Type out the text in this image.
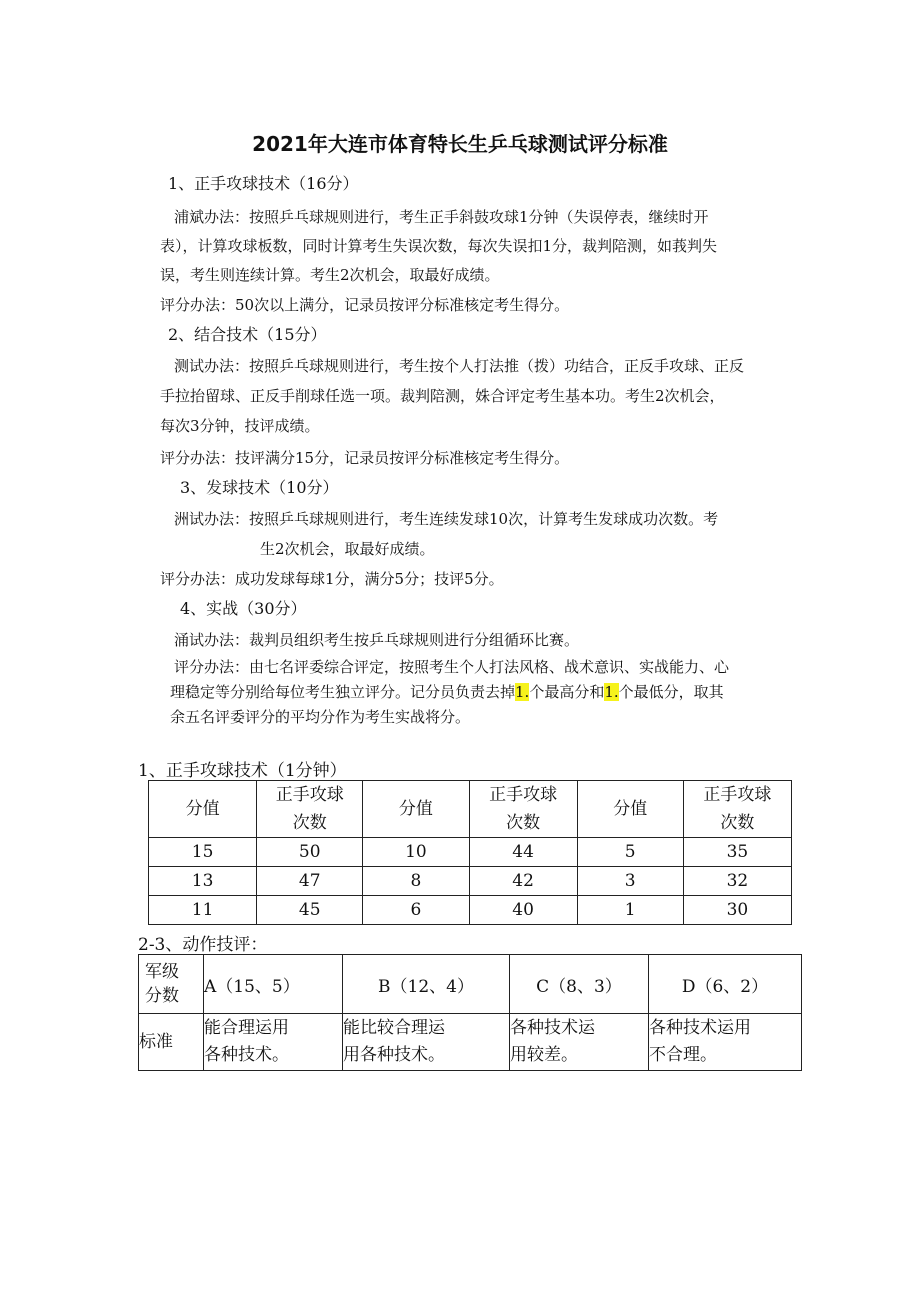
2021年大连市体育特长生乒乓球测试评分标准
1、正手攻球技术（16分）
浦斌办法：按照乒乓球规则进行，考生正手斜鼓攻球1分钟（失误停表，继续时开
表），计算攻球板数，同时计算考生失误次数，每次失误扣1分，裁判陪测，如莪判失
误，考生则连续计算。考生2次机会，取最好成绩。
评分办法：50次以上满分，记录员按评分标准核定考生得分。
2、结合技术（15分）
测试办法：按照乒乓球规则进行，考生按个人打法推（拨）功结合，正反手攻球、正反
手拉抬留球、正反手削球任选一项。裁判陪测，姝合评定考生基本功。考生2次机会，
每次3分钟，技评成绩。
评分办法：技评满分15分，记录员按评分标准核定考生得分。
3、发球技术（10分）
洲试办法：按照乒乓球规则进行，考生连续发球10次，计算考生发球成功次数。考
生2次机会，取最好成绩。
评分办法：成功发球每球1分，满分5分；技评5分。
4、实战（30分）
涌试办法：裁判员组织考生按乒乓球规则进行分组循环比赛。
评分办法：由七名评委综合评定，按照考生个人打法风格、战术意识、实战能力、心
理稳定等分别给每位考生独立评分。记分员负责去掉1.个最高分和1.个最低分，取其
余五名评委评分的平均分作为考生实战将分。
1、正手攻球技术（1分钟）
分值	正手攻球
次数	分值	正手攻球
次数	分值	正手攻球
次数
15	50	10	44	5	35
13	47	8	42	3	32
11	45	6	40	1	30
2-3、动作技评：
军级
分数	A（15、5）	B（12、4）	C（8、3）	D（6、2）
标准	能合理运用
各种技术。	能比较合理运
用各种技术。	各种技术运
用较差。	各种技术运用
不合理。
